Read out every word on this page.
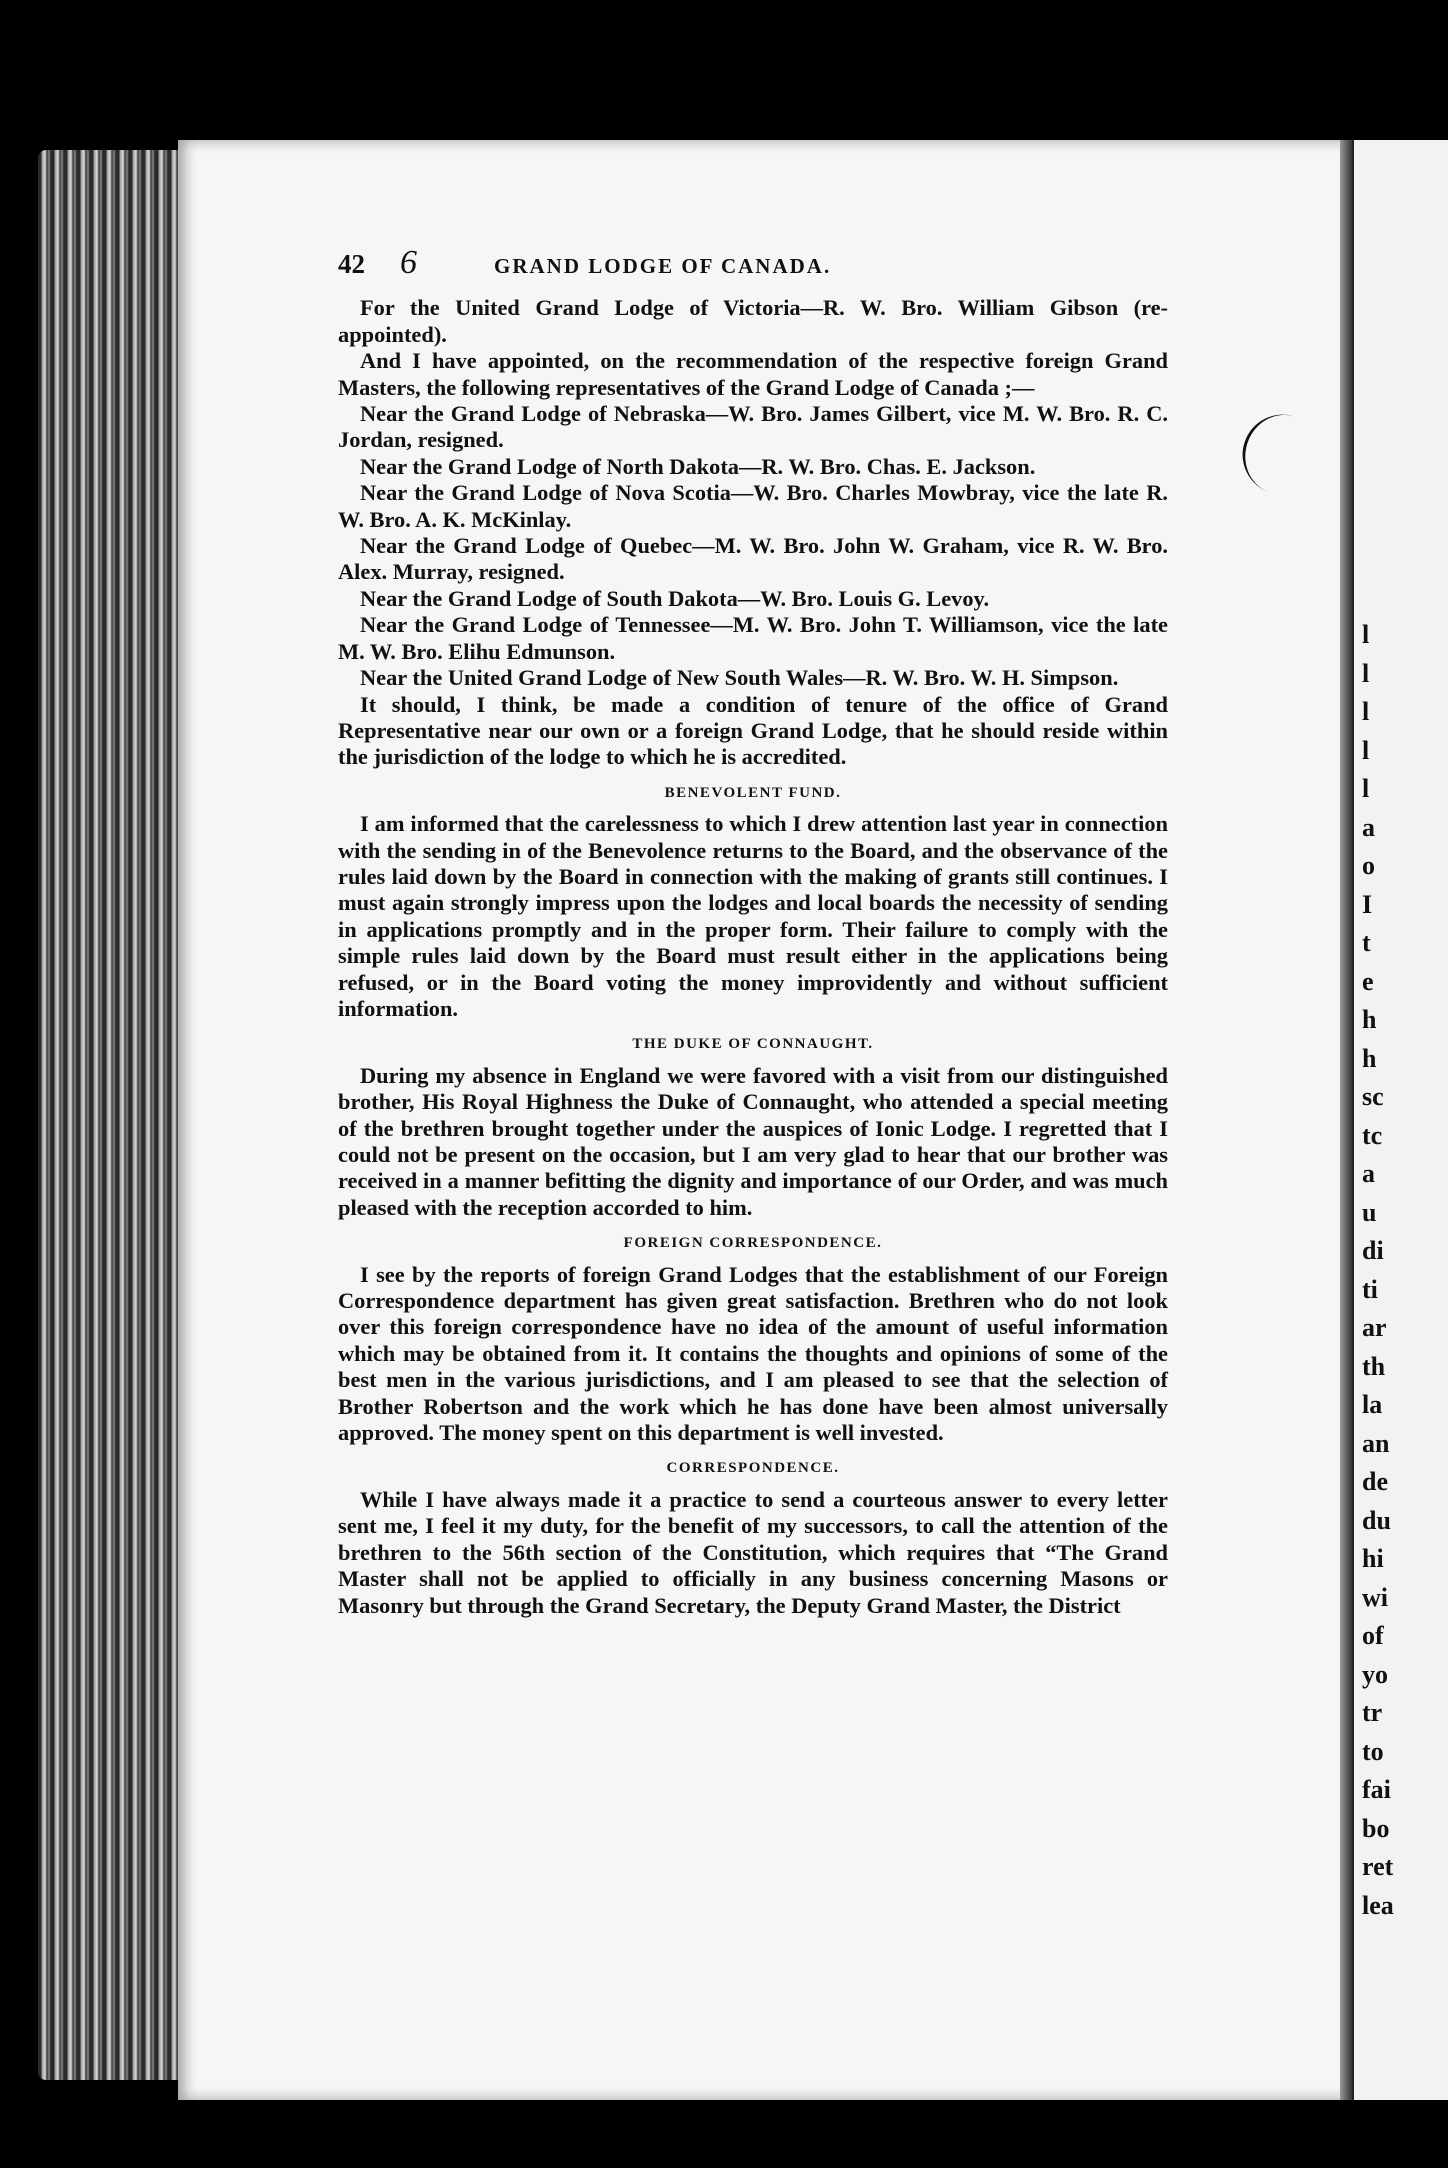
l
l
l
l
l
a
o
I
t
e
h
h
sc
tc
a
u
di
ti
ar
th
la
an
de
du
hi
wi
of
yo
tr
to
fai
bo
ret
lea
42	6	GRAND LODGE OF CANADA.

For the United Grand Lodge of Victoria—R. W. Bro. William Gibson (re-appointed).

And I have appointed, on the recommendation of the respective foreign Grand Masters, the following representatives of the Grand Lodge of Canada ;—

Near the Grand Lodge of Nebraska—W. Bro. James Gilbert, vice M. W. Bro. R. C. Jordan, resigned.

Near the Grand Lodge of North Dakota—R. W. Bro. Chas. E. Jackson.

Near the Grand Lodge of Nova Scotia—W. Bro. Charles Mowbray, vice the late R. W. Bro. A. K. McKinlay.

Near the Grand Lodge of Quebec—M. W. Bro. John W. Graham, vice R. W. Bro. Alex. Murray, resigned.

Near the Grand Lodge of South Dakota—W. Bro. Louis G. Levoy.

Near the Grand Lodge of Tennessee—M. W. Bro. John T. Williamson, vice the late M. W. Bro. Elihu Edmunson.

Near the United Grand Lodge of New South Wales—R. W. Bro. W. H. Simpson.

It should, I think, be made a condition of tenure of the office of Grand Representative near our own or a foreign Grand Lodge, that he should reside within the jurisdiction of the lodge to which he is accredited.

BENEVOLENT FUND.

I am informed that the carelessness to which I drew attention last year in connection with the sending in of the Benevolence returns to the Board, and the observance of the rules laid down by the Board in connection with the making of grants still continues. I must again strongly impress upon the lodges and local boards the necessity of sending in applications promptly and in the proper form. Their failure to comply with the simple rules laid down by the Board must result either in the applications being refused, or in the Board voting the money improvidently and without sufficient information.

THE DUKE OF CONNAUGHT.

During my absence in England we were favored with a visit from our distinguished brother, His Royal Highness the Duke of Connaught, who attended a special meeting of the brethren brought together under the auspices of Ionic Lodge. I regretted that I could not be present on the occasion, but I am very glad to hear that our brother was received in a manner befitting the dignity and importance of our Order, and was much pleased with the reception accorded to him.

FOREIGN CORRESPONDENCE.

I see by the reports of foreign Grand Lodges that the establishment of our Foreign Correspondence department has given great satisfaction. Brethren who do not look over this foreign correspondence have no idea of the amount of useful information which may be obtained from it. It contains the thoughts and opinions of some of the best men in the various jurisdictions, and I am pleased to see that the selection of Brother Robertson and the work which he has done have been almost universally approved. The money spent on this department is well invested.

CORRESPONDENCE.

While I have always made it a practice to send a courteous answer to every letter sent me, I feel it my duty, for the benefit of my successors, to call the attention of the brethren to the 56th section of the Constitution, which requires that “The Grand Master shall not be applied to officially in any business concerning Masons or Masonry but through the Grand Secretary, the Deputy Grand Master, the District
